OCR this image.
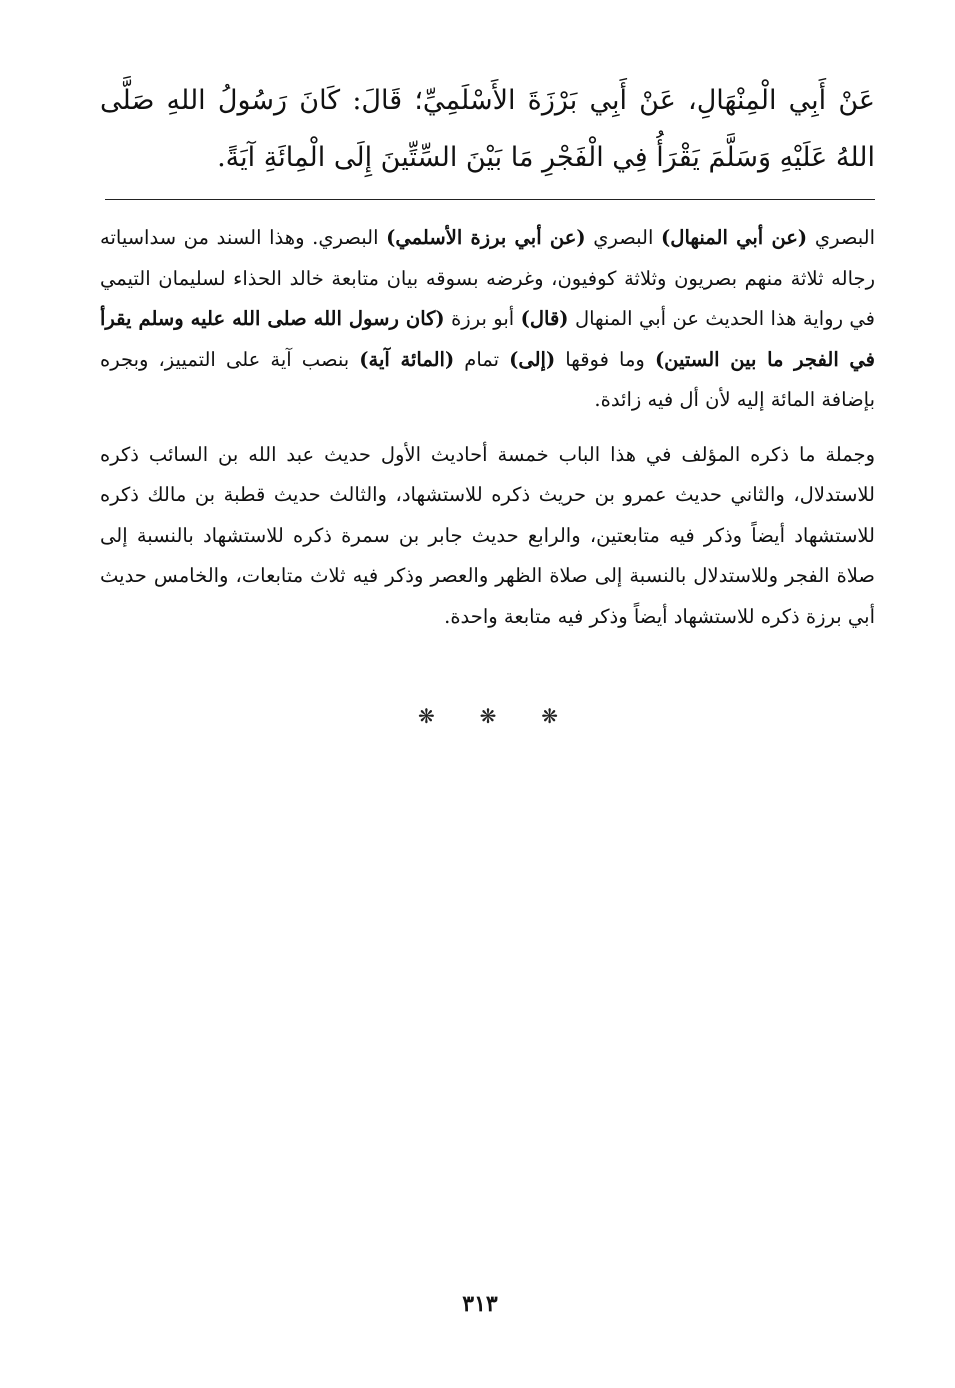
عَنْ أَبِي الْمِنْهَالِ، عَنْ أَبِي بَرْزَةَ الأَسْلَمِيِّ؛ قَالَ: كَانَ رَسُولُ اللهِ صَلَّى اللهُ عَلَيْهِ وَسَلَّمَ يَقْرَأُ فِي الْفَجْرِ مَا بَيْنَ السِّتِّينَ إِلَى الْمِائَةِ آيَةً.

البصري (عن أبي المنهال) البصري (عن أبي برزة الأسلمي) البصري. وهذا السند من سداسياته رجاله ثلاثة منهم بصريون وثلاثة كوفيون، وغرضه بسوقه بيان متابعة خالد الحذاء لسليمان التيمي في رواية هذا الحديث عن أبي المنهال (قال) أبو برزة (كان رسول الله صلى الله عليه وسلم يقرأ في الفجر ما بين الستين) وما فوقها (إلى) تمام (المائة آية) بنصب آية على التمييز، وبجره بإضافة المائة إليه لأن أل فيه زائدة.

وجملة ما ذكره المؤلف في هذا الباب خمسة أحاديث الأول حديث عبد الله بن السائب ذكره للاستدلال، والثاني حديث عمرو بن حريث ذكره للاستشهاد، والثالث حديث قطبة بن مالك ذكره للاستشهاد أيضاً وذكر فيه متابعتين، والرابع حديث جابر بن سمرة ذكره للاستشهاد بالنسبة إلى صلاة الفجر وللاستدلال بالنسبة إلى صلاة الظهر والعصر وذكر فيه ثلاث متابعات، والخامس حديث أبي برزة ذكره للاستشهاد أيضاً وذكر فيه متابعة واحدة.

❋ ❋ ❋
٣١٣
